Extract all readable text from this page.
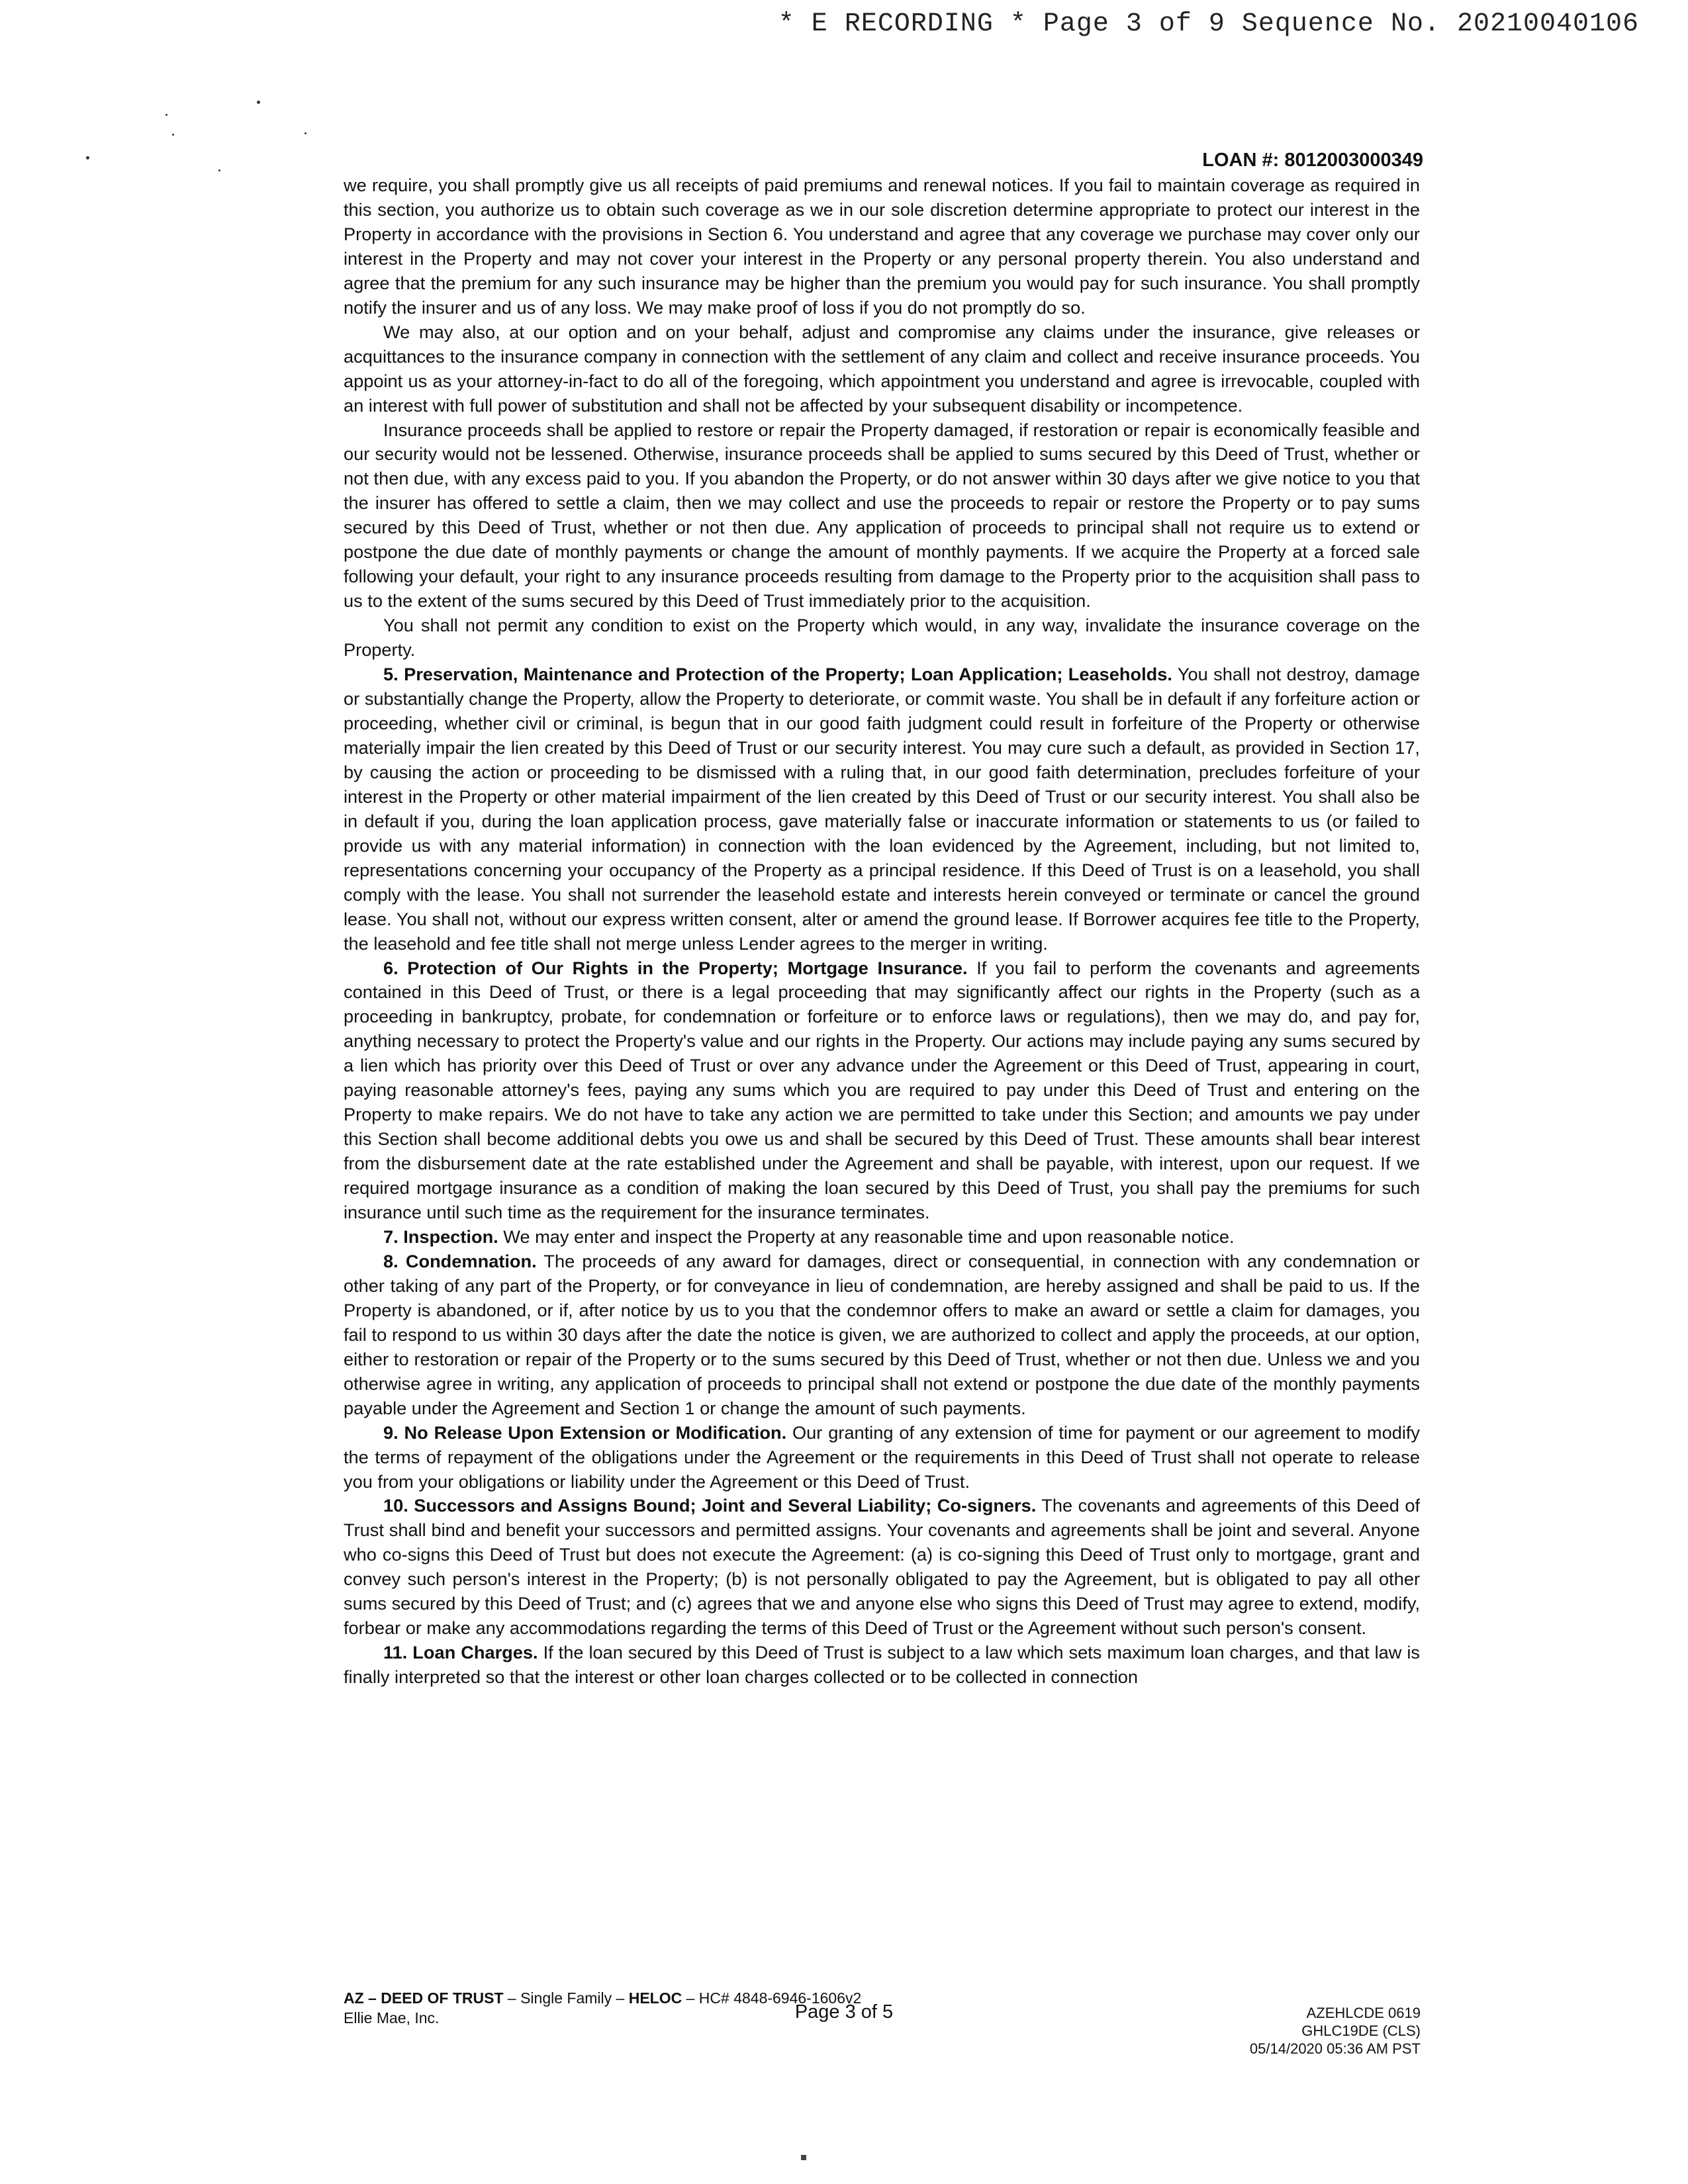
* E RECORDING * Page 3 of 9 Sequence No. 20210040106
LOAN #: 8012003000349

we require, you shall promptly give us all receipts of paid premiums and renewal notices. If you fail to maintain coverage as required in this section, you authorize us to obtain such coverage as we in our sole discretion determine appropriate to protect our interest in the Property in accordance with the provisions in Section 6. You understand and agree that any coverage we purchase may cover only our interest in the Property and may not cover your interest in the Property or any personal property therein. You also understand and agree that the premium for any such insurance may be higher than the premium you would pay for such insurance. You shall promptly notify the insurer and us of any loss. We may make proof of loss if you do not promptly do so.

We may also, at our option and on your behalf, adjust and compromise any claims under the insurance, give releases or acquittances to the insurance company in connection with the settlement of any claim and collect and receive insurance proceeds. You appoint us as your attorney-in-fact to do all of the foregoing, which appointment you understand and agree is irrevocable, coupled with an interest with full power of substitution and shall not be affected by your subsequent disability or incompetence.

Insurance proceeds shall be applied to restore or repair the Property damaged, if restoration or repair is economically feasible and our security would not be lessened. Otherwise, insurance proceeds shall be applied to sums secured by this Deed of Trust, whether or not then due, with any excess paid to you. If you abandon the Property, or do not answer within 30 days after we give notice to you that the insurer has offered to settle a claim, then we may collect and use the proceeds to repair or restore the Property or to pay sums secured by this Deed of Trust, whether or not then due. Any application of proceeds to principal shall not require us to extend or postpone the due date of monthly payments or change the amount of monthly payments. If we acquire the Property at a forced sale following your default, your right to any insurance proceeds resulting from damage to the Property prior to the acquisition shall pass to us to the extent of the sums secured by this Deed of Trust immediately prior to the acquisition.

You shall not permit any condition to exist on the Property which would, in any way, invalidate the insurance coverage on the Property.

5. Preservation, Maintenance and Protection of the Property; Loan Application; Leaseholds. You shall not destroy, damage or substantially change the Property, allow the Property to deteriorate, or commit waste. You shall be in default if any forfeiture action or proceeding, whether civil or criminal, is begun that in our good faith judgment could result in forfeiture of the Property or otherwise materially impair the lien created by this Deed of Trust or our security interest. You may cure such a default, as provided in Section 17, by causing the action or proceeding to be dismissed with a ruling that, in our good faith determination, precludes forfeiture of your interest in the Property or other material impairment of the lien created by this Deed of Trust or our security interest. You shall also be in default if you, during the loan application process, gave materially false or inaccurate information or statements to us (or failed to provide us with any material information) in connection with the loan evidenced by the Agreement, including, but not limited to, representations concerning your occupancy of the Property as a principal residence. If this Deed of Trust is on a leasehold, you shall comply with the lease. You shall not surrender the leasehold estate and interests herein conveyed or terminate or cancel the ground lease. You shall not, without our express written consent, alter or amend the ground lease. If Borrower acquires fee title to the Property, the leasehold and fee title shall not merge unless Lender agrees to the merger in writing.

6. Protection of Our Rights in the Property; Mortgage Insurance. If you fail to perform the covenants and agreements contained in this Deed of Trust, or there is a legal proceeding that may significantly affect our rights in the Property (such as a proceeding in bankruptcy, probate, for condemnation or forfeiture or to enforce laws or regulations), then we may do, and pay for, anything necessary to protect the Property's value and our rights in the Property. Our actions may include paying any sums secured by a lien which has priority over this Deed of Trust or over any advance under the Agreement or this Deed of Trust, appearing in court, paying reasonable attorney's fees, paying any sums which you are required to pay under this Deed of Trust and entering on the Property to make repairs. We do not have to take any action we are permitted to take under this Section; and amounts we pay under this Section shall become additional debts you owe us and shall be secured by this Deed of Trust. These amounts shall bear interest from the disbursement date at the rate established under the Agreement and shall be payable, with interest, upon our request. If we required mortgage insurance as a condition of making the loan secured by this Deed of Trust, you shall pay the premiums for such insurance until such time as the requirement for the insurance terminates.

7. Inspection. We may enter and inspect the Property at any reasonable time and upon reasonable notice.

8. Condemnation. The proceeds of any award for damages, direct or consequential, in connection with any condemnation or other taking of any part of the Property, or for conveyance in lieu of condemnation, are hereby assigned and shall be paid to us. If the Property is abandoned, or if, after notice by us to you that the condemnor offers to make an award or settle a claim for damages, you fail to respond to us within 30 days after the date the notice is given, we are authorized to collect and apply the proceeds, at our option, either to restoration or repair of the Property or to the sums secured by this Deed of Trust, whether or not then due. Unless we and you otherwise agree in writing, any application of proceeds to principal shall not extend or postpone the due date of the monthly payments payable under the Agreement and Section 1 or change the amount of such payments.

9. No Release Upon Extension or Modification. Our granting of any extension of time for payment or our agreement to modify the terms of repayment of the obligations under the Agreement or the requirements in this Deed of Trust shall not operate to release you from your obligations or liability under the Agreement or this Deed of Trust.

10. Successors and Assigns Bound; Joint and Several Liability; Co-signers. The covenants and agreements of this Deed of Trust shall bind and benefit your successors and permitted assigns. Your covenants and agreements shall be joint and several. Anyone who co-signs this Deed of Trust but does not execute the Agreement: (a) is co-signing this Deed of Trust only to mortgage, grant and convey such person's interest in the Property; (b) is not personally obligated to pay the Agreement, but is obligated to pay all other sums secured by this Deed of Trust; and (c) agrees that we and anyone else who signs this Deed of Trust may agree to extend, modify, forbear or make any accommodations regarding the terms of this Deed of Trust or the Agreement without such person's consent.

11. Loan Charges. If the loan secured by this Deed of Trust is subject to a law which sets maximum loan charges, and that law is finally interpreted so that the interest or other loan charges collected or to be collected in connection

AZ – DEED OF TRUST – Single Family – HELOC – HC# 4848-6946-1606v2
Ellie Mae, Inc.	Page 3 of 5	AZEHLCDE 0619
GHLC19DE (CLS)
05/14/2020 05:36 AM PST
